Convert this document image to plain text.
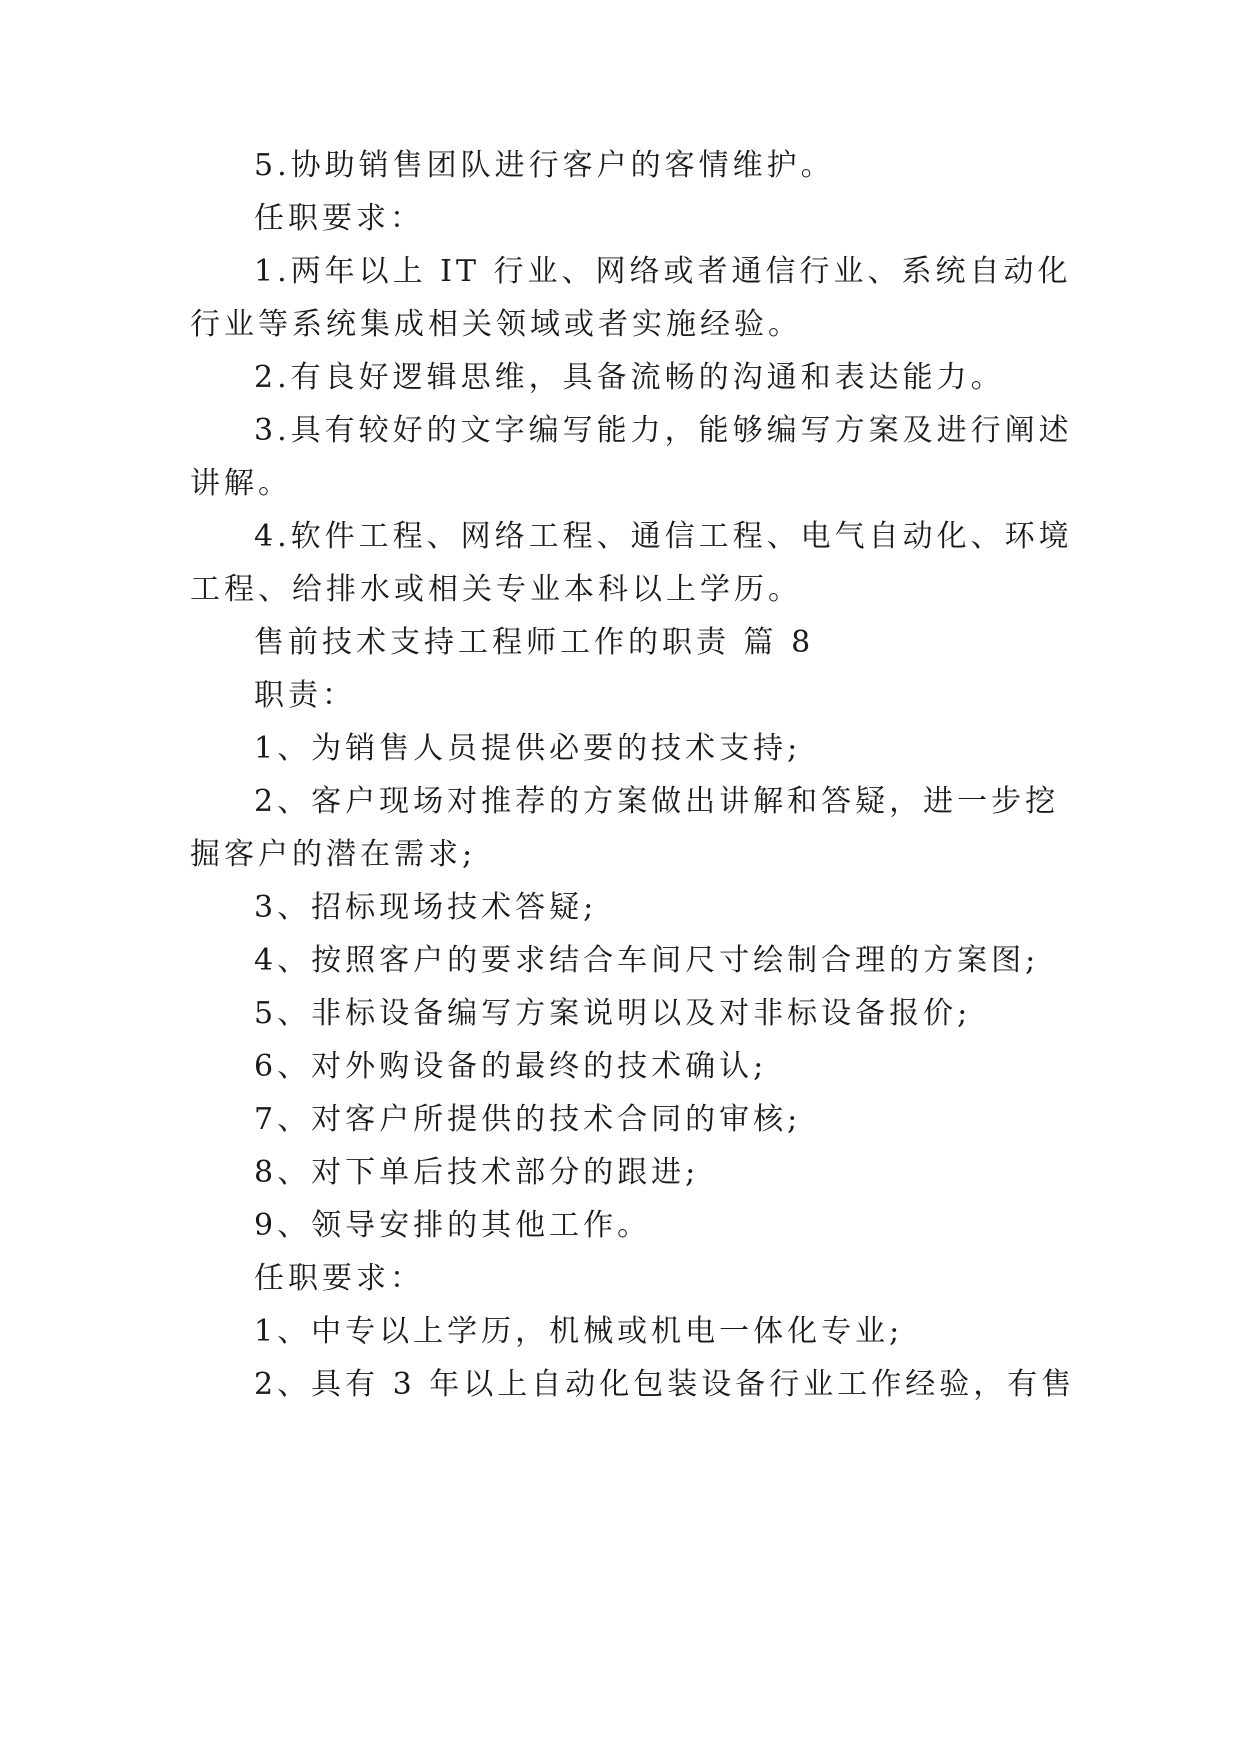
5.协助销售团队进行客户的客情维护。
任职要求：
1.两年以上 IT 行业、网络或者通信行业、系统自动化
行业等系统集成相关领域或者实施经验。
2.有良好逻辑思维，具备流畅的沟通和表达能力。
3.具有较好的文字编写能力，能够编写方案及进行阐述
讲解。
4.软件工程、网络工程、通信工程、电气自动化、环境
工程、给排水或相关专业本科以上学历。
售前技术支持工程师工作的职责 篇 8
职责：
1、为销售人员提供必要的技术支持;
2、客户现场对推荐的方案做出讲解和答疑，进一步挖
掘客户的潜在需求;
3、招标现场技术答疑;
4、按照客户的要求结合车间尺寸绘制合理的方案图;
5、非标设备编写方案说明以及对非标设备报价;
6、对外购设备的最终的技术确认;
7、对客户所提供的技术合同的审核;
8、对下单后技术部分的跟进;
9、领导安排的其他工作。
任职要求：
1、中专以上学历，机械或机电一体化专业;
2、具有 3 年以上自动化包装设备行业工作经验，有售
